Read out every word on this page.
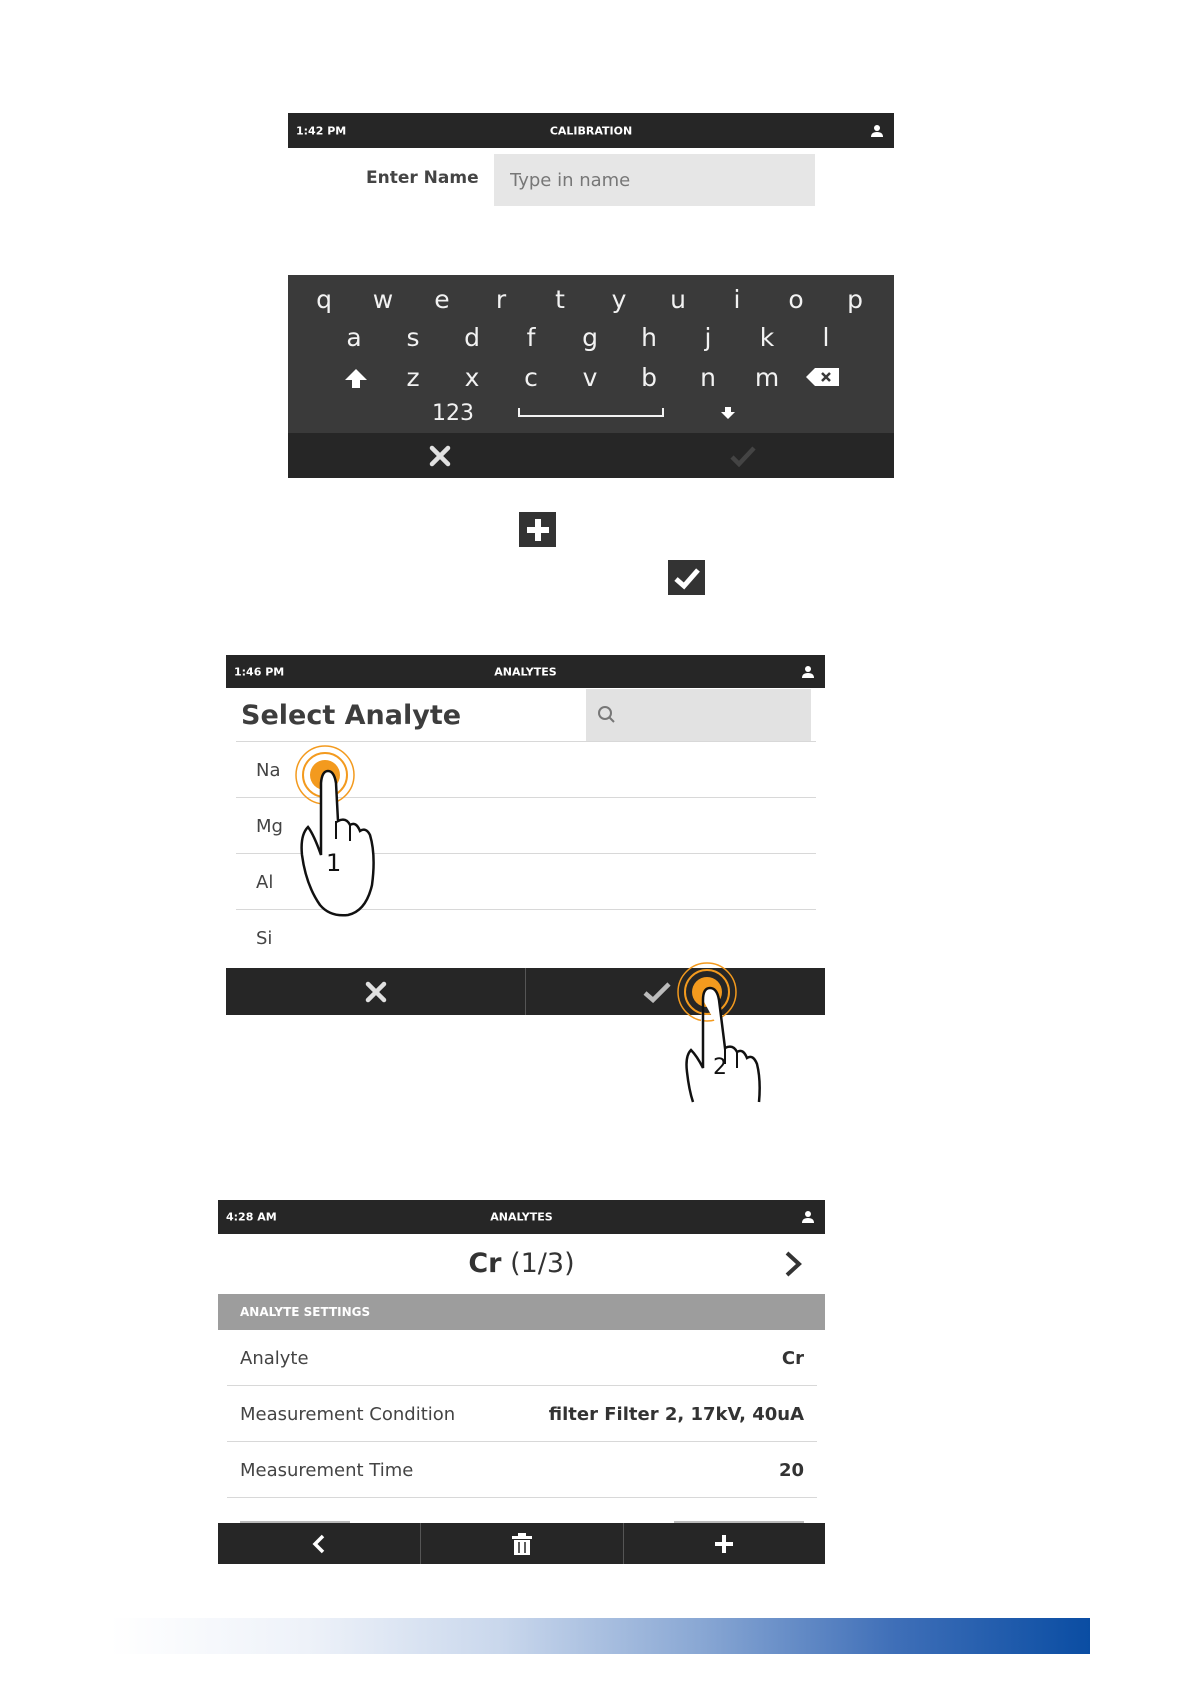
1:42 PM	CALIBRATION
Enter Name
Type in name
q	w	e	r	t	y	u	i	o	p
a	s	d	f	g	h	j	k	l
z	x	c	v	b	n	m
123
1:46 PM	ANALYTES
Select Analyte
Na
Mg
Al
Si
1
2
4:28 AM	ANALYTES
Cr (1/3)
ANALYTE SETTINGS
Analyte	Cr
Measurement Condition	filter Filter 2, 17kV, 40uA
Measurement Time	20
